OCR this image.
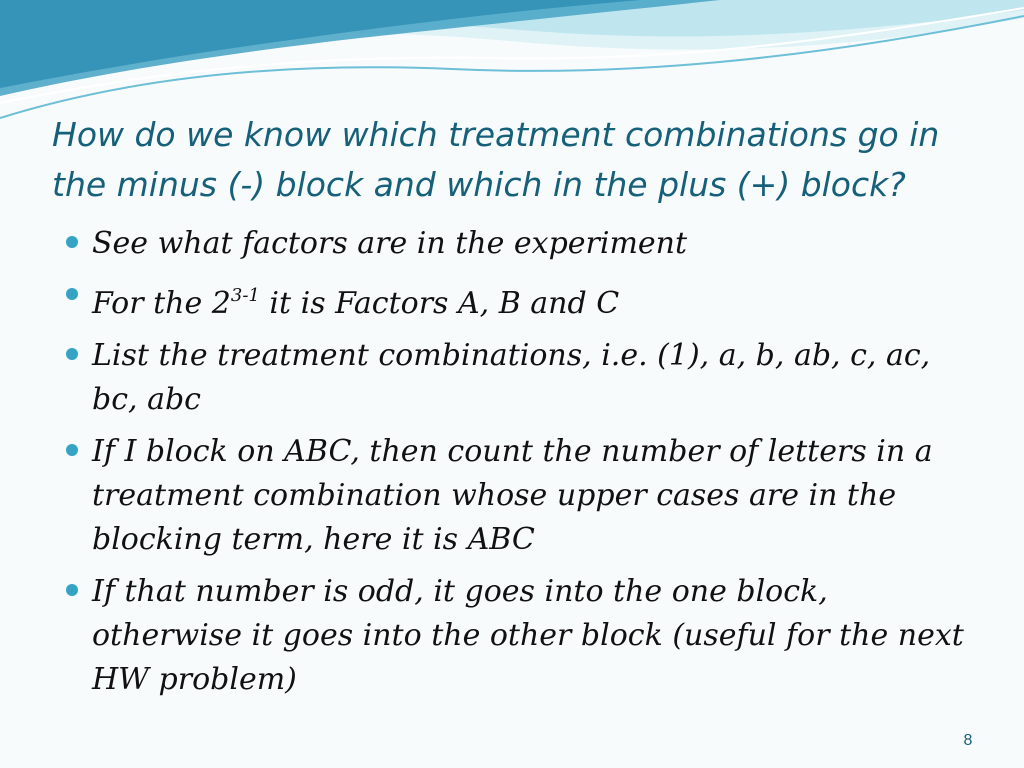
How do we know which treatment combinations go in the minus (-) block and which in the plus (+) block?
See what factors are in the experiment
For the 2$^{3-1}$ it is Factors A, B and C
List the treatment combinations, i.e. (1), a, b, ab, c, ac, bc, abc
If I block on ABC, then count the number of letters in a treatment combination whose upper cases are in the blocking term, here it is ABC
If that number is odd, it goes into the one block, otherwise it goes into the other block (useful for the next HW problem)
8
